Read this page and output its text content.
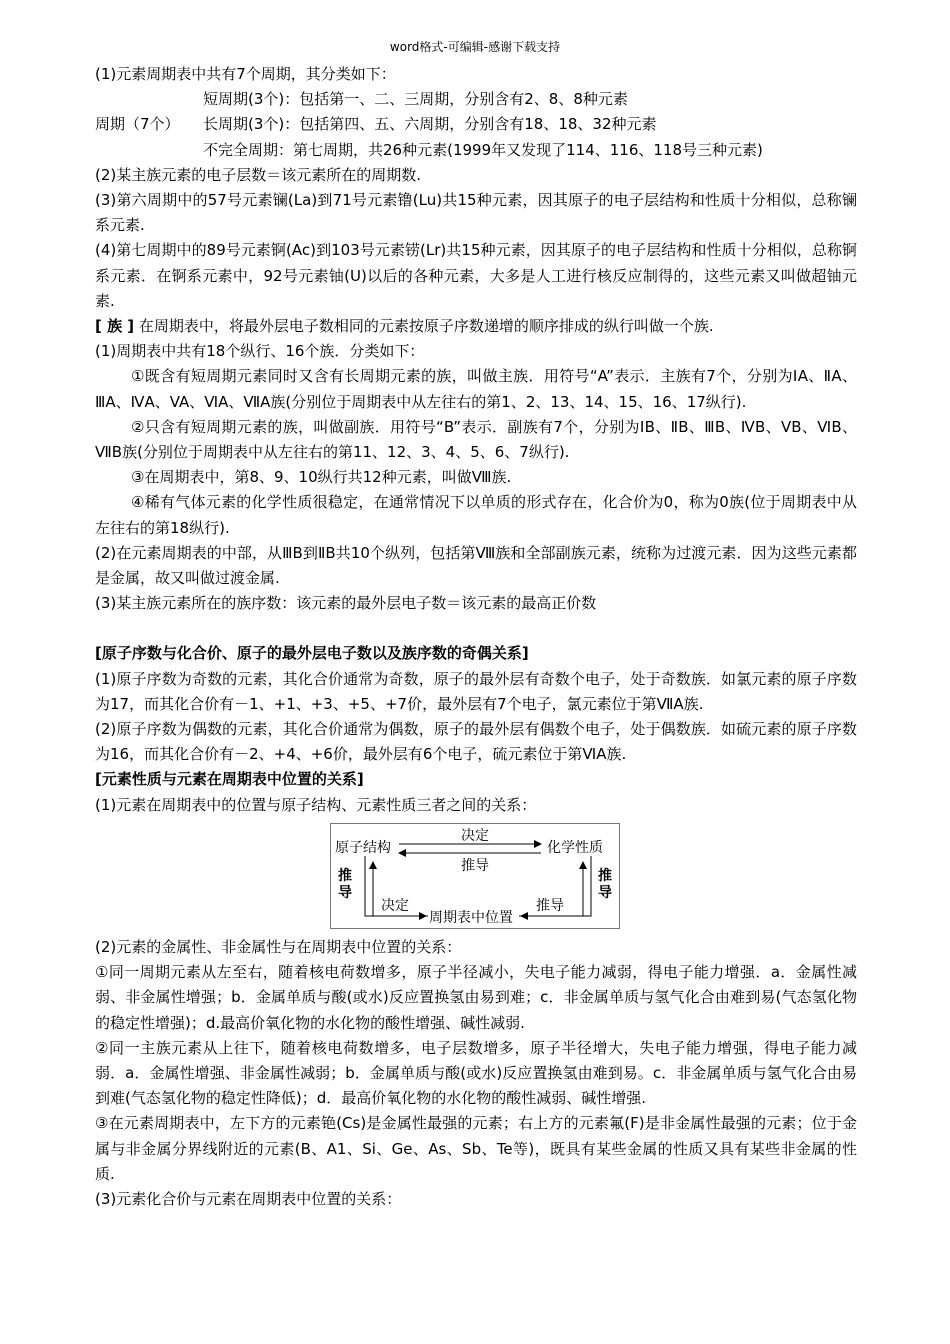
word格式-可编辑-感谢下载支持

(1)元素周期表中共有7个周期，其分类如下：

短周期(3个)：包括第一、二、三周期，分别含有2、8、8种元素

周期（7个）	长周期(3个)：包括第四、五、六周期，分别含有18、18、32种元素

不完全周期：第七周期，共26种元素(1999年又发现了114、116、118号三种元素)

(2)某主族元素的电子层数＝该元素所在的周期数.

(3)第六周期中的57号元素镧(La)到71号元素镥(Lu)共15种元素，因其原子的电子层结构和性质十分相似，总称镧系元素.

(4)第七周期中的89号元素锕(Ac)到103号元素铹(Lr)共15种元素，因其原子的电子层结构和性质十分相似，总称锕系元素．在锕系元素中，92号元素铀(U)以后的各种元素，大多是人工进行核反应制得的，这些元素又叫做超铀元素.

[ 族 ] 在周期表中，将最外层电子数相同的元素按原子序数递增的顺序排成的纵行叫做一个族.

(1)周期表中共有18个纵行、16个族．分类如下：

①既含有短周期元素同时又含有长周期元素的族，叫做主族．用符号“A”表示．主族有7个，分别为ⅠA、ⅡA、ⅢA、ⅣA、VA、ⅥA、ⅦA族(分别位于周期表中从左往右的第1、2、13、14、15、16、17纵行).

②只含有短周期元素的族，叫做副族．用符号“B”表示．副族有7个，分别为ⅠB、ⅡB、ⅢB、ⅣB、VB、ⅥB、ⅦB族(分别位于周期表中从左往右的第11、12、3、4、5、6、7纵行).

③在周期表中，第8、9、10纵行共12种元素，叫做Ⅷ族.

④稀有气体元素的化学性质很稳定，在通常情况下以单质的形式存在，化合价为0，称为0族(位于周期表中从左往右的第18纵行).

(2)在元素周期表的中部，从ⅢB到ⅡB共10个纵列，包括第Ⅷ族和全部副族元素，统称为过渡元素．因为这些元素都是金属，故又叫做过渡金属.

(3)某主族元素所在的族序数：该元素的最外层电子数＝该元素的最高正价数

[原子序数与化合价、原子的最外层电子数以及族序数的奇偶关系]

(1)原子序数为奇数的元素，其化合价通常为奇数，原子的最外层有奇数个电子，处于奇数族．如氯元素的原子序数为17，而其化合价有－1、+1、+3、+5、+7价，最外层有7个电子，氯元素位于第ⅦA族.

(2)原子序数为偶数的元素，其化合价通常为偶数，原子的最外层有偶数个电子，处于偶数族．如硫元素的原子序数为16，而其化合价有－2、+4、+6价，最外层有6个电子，硫元素位于第ⅥA族.

[元素性质与元素在周期表中位置的关系]

(1)元素在周期表中的位置与原子结构、元素性质三者之间的关系：

原子结构	化学性质
决定
推导
推导
推导
决定	推导
周期表中位置

(2)元素的金属性、非金属性与在周期表中位置的关系：

①同一周期元素从左至右，随着核电荷数增多，原子半径减小，失电子能力减弱，得电子能力增强．a．金属性减弱、非金属性增强；b．金属单质与酸(或水)反应置换氢由易到难；c．非金属单质与氢气化合由难到易(气态氢化物的稳定性增强)；d.最高价氧化物的水化物的酸性增强、碱性减弱.

②同一主族元素从上往下，随着核电荷数增多，电子层数增多，原子半径增大，失电子能力增强，得电子能力减弱．a．金属性增强、非金属性减弱；b．金属单质与酸(或水)反应置换氢由难到易。c．非金属单质与氢气化合由易到难(气态氢化物的稳定性降低)；d．最高价氧化物的水化物的酸性减弱、碱性增强.

③在元素周期表中，左下方的元素铯(Cs)是金属性最强的元素；右上方的元素氟(F)是非金属性最强的元素；位于金属与非金属分界线附近的元素(B、A1、Si、Ge、As、Sb、Te等)，既具有某些金属的性质又具有某些非金属的性质.

(3)元素化合价与元素在周期表中位置的关系：
